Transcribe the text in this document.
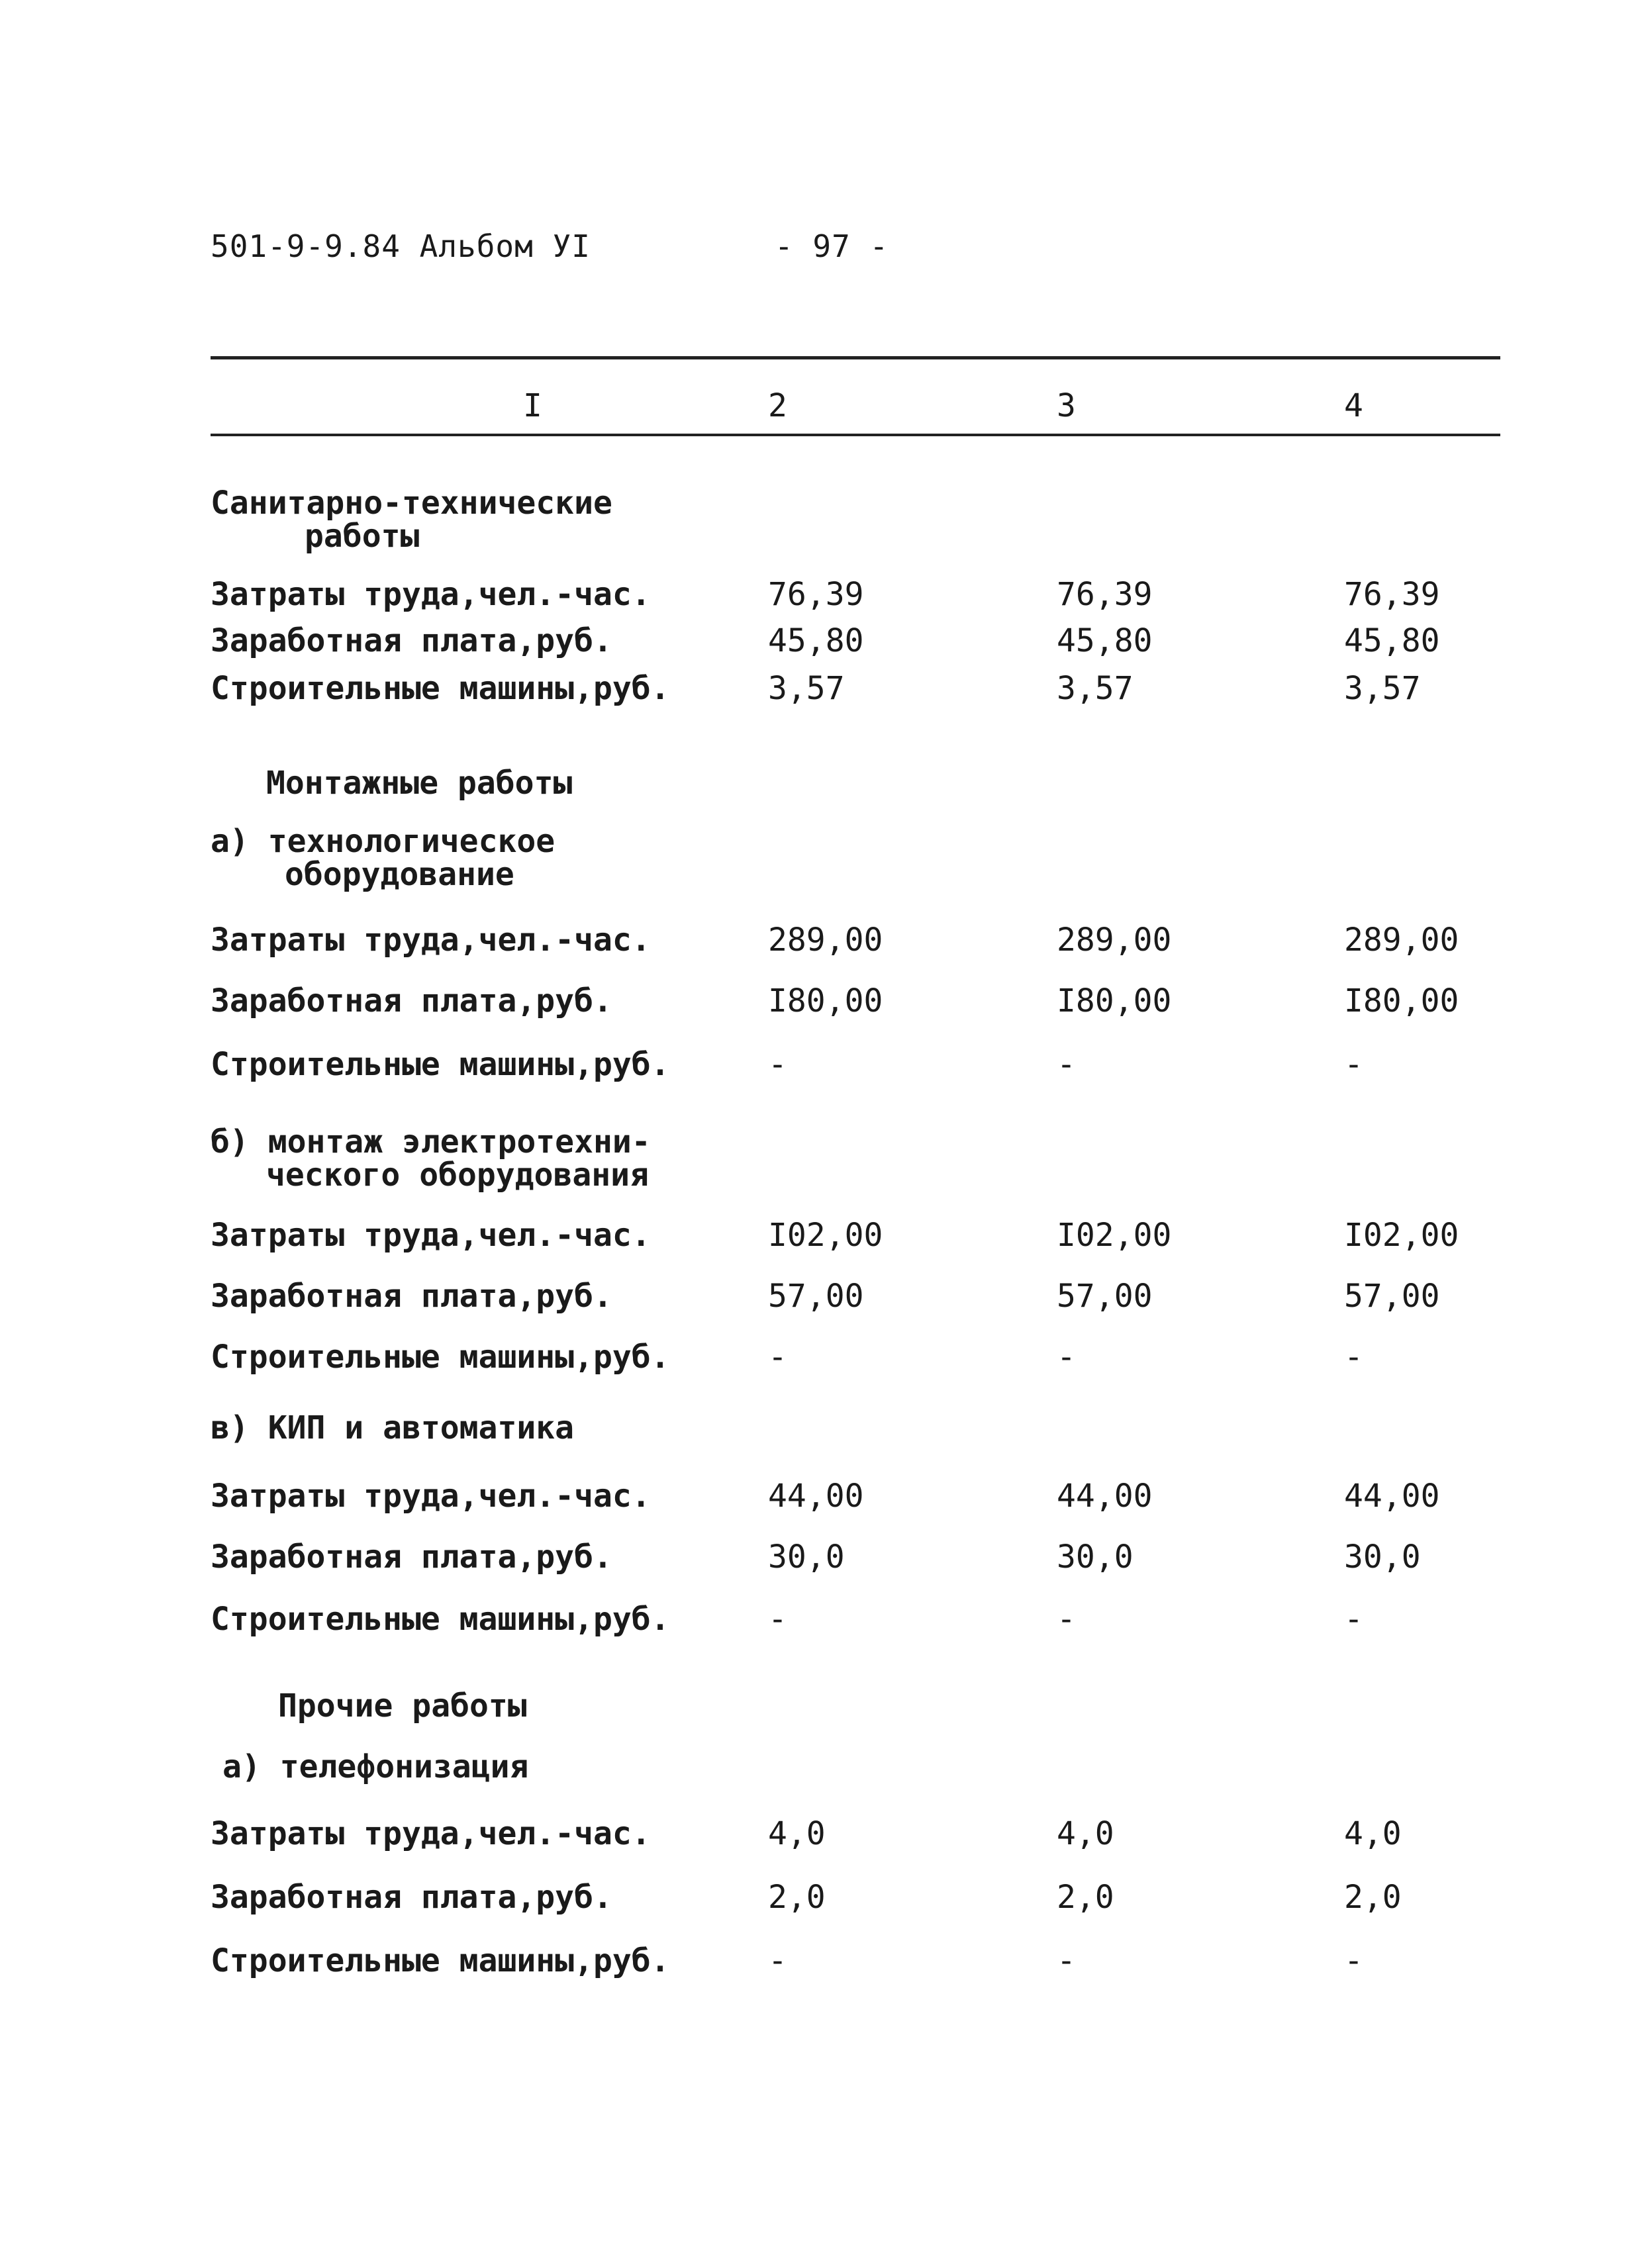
501-9-9.84 Альбом УI	- 97 -
I	2	3	4
Санитарно-технические
работы
Затраты труда,чел.-час.	76,39	76,39	76,39
Заработная плата,руб.	45,80	45,80	45,80
Строительные машины,руб.	3,57	3,57	3,57
Монтажные работы
а) технологическое
оборудование
Затраты труда,чел.-час.	289,00	289,00	289,00
Заработная плата,руб.	I80,00	I80,00	I80,00
Строительные машины,руб.	-	-	-
б) монтаж электротехни-
ческого оборудования
Затраты труда,чел.-час.	I02,00	I02,00	I02,00
Заработная плата,руб.	57,00	57,00	57,00
Строительные машины,руб.	-	-	-
в) КИП и автоматика
Затраты труда,чел.-час.	44,00	44,00	44,00
Заработная плата,руб.	30,0	30,0	30,0
Строительные машины,руб.	-	-	-
Прочие работы
а) телефонизация
Затраты труда,чел.-час.	4,0	4,0	4,0
Заработная плата,руб.	2,0	2,0	2,0
Строительные машины,руб.	-	-	-
